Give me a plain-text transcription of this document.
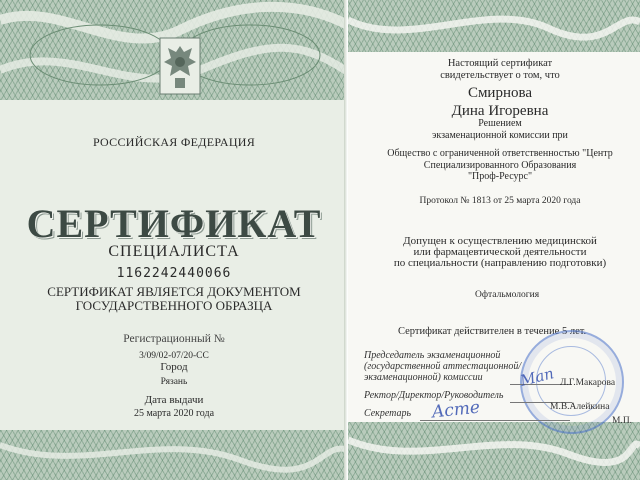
РОССИЙСКАЯ ФЕДЕРАЦИЯ
СЕРТИФИКАТ
СПЕЦИАЛИСТА
1162242440066
СЕРТИФИКАТ ЯВЛЯЕТСЯ ДОКУМЕНТОМ
ГОСУДАРСТВЕННОГО ОБРАЗЦА
Регистрационный №
3/09/02-07/20-СС
Город
Рязань
Дата выдачи
25 марта 2020 года
Настоящий сертификат
свидетельствует о том, что
Смирнова
Дина Игоревна
Решением
экзаменационной комиссии при
Общество с ограниченной ответственностью "Центр
Специализированного Образования
"Проф-Ресурс"
Протокол № 1813 от 25 марта 2020 года
Допущен к осуществлению медицинской
или фармацевтической деятельности
по специальности (направлению подготовки)
Офтальмология
Сертификат действителен в течение 5 лет.
Председатель экзаменационной
(государственной аттестационной/
экзаменационной) комиссии	Man Л.Г.Макарова
Ректор/Директор/Руководитель
М.В.Алейкина
Секретарь Acme	М.П.
